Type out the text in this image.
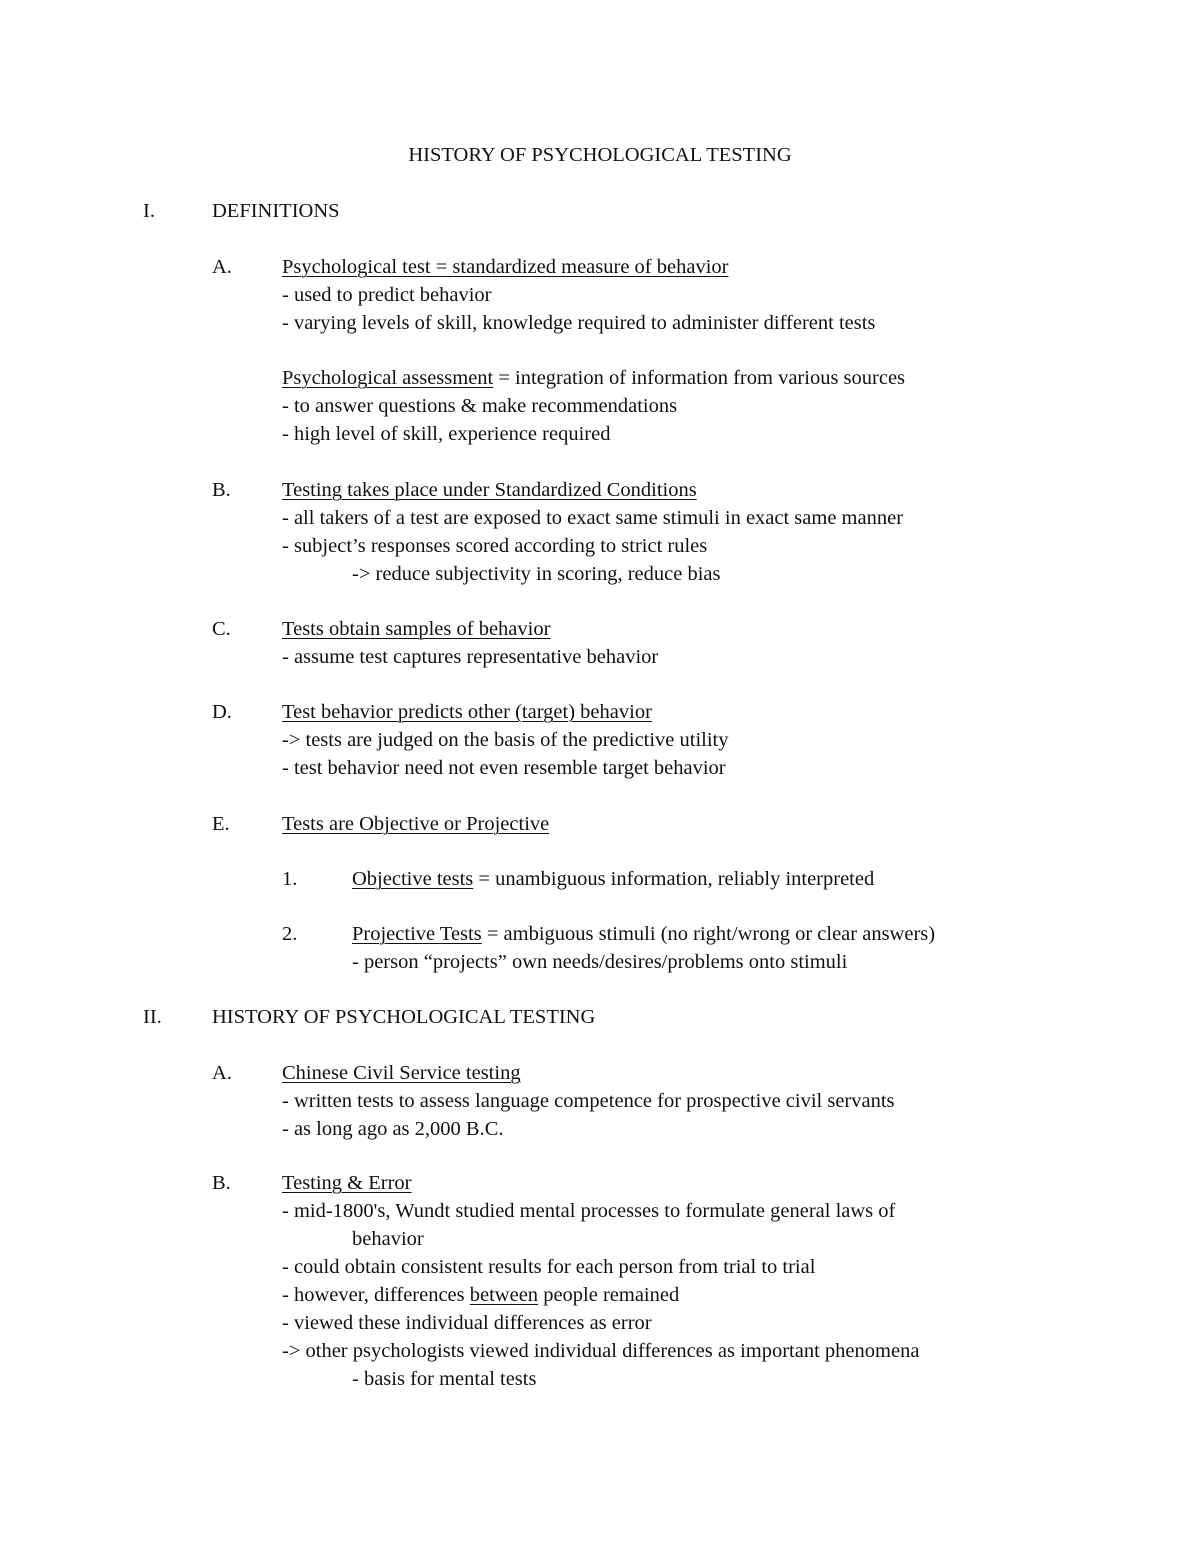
HISTORY OF PSYCHOLOGICAL TESTING
I.	DEFINITIONS
A. Psychological test = standardized measure of behavior
- used to predict behavior
- varying levels of skill, knowledge required to administer different tests
Psychological assessment = integration of information from various sources
- to answer questions & make recommendations
- high level of skill, experience required
B. Testing takes place under Standardized Conditions
- all takers of a test are exposed to exact same stimuli in exact same manner
- subject’s responses scored according to strict rules
-> reduce subjectivity in scoring, reduce bias
C. Tests obtain samples of behavior
- assume test captures representative behavior
D. Test behavior predicts other (target) behavior
-> tests are judged on the basis of the predictive utility
- test behavior need not even resemble target behavior
E.	Tests are Objective or Projective
1.	Objective tests = unambiguous information, reliably interpreted
2.	Projective Tests = ambiguous stimuli (no right/wrong or clear answers)
- person “projects” own needs/desires/problems onto stimuli
II. HISTORY OF PSYCHOLOGICAL TESTING
A. Chinese Civil Service testing
- written tests to assess language competence for prospective civil servants
- as long ago as 2,000 B.C.
B. Testing & Error
- mid-1800's, Wundt studied mental processes to formulate general laws of
behavior
- could obtain consistent results for each person from trial to trial
- however, differences between people remained
- viewed these individual differences as error
-> other psychologists viewed individual differences as important phenomena
- basis for mental tests
